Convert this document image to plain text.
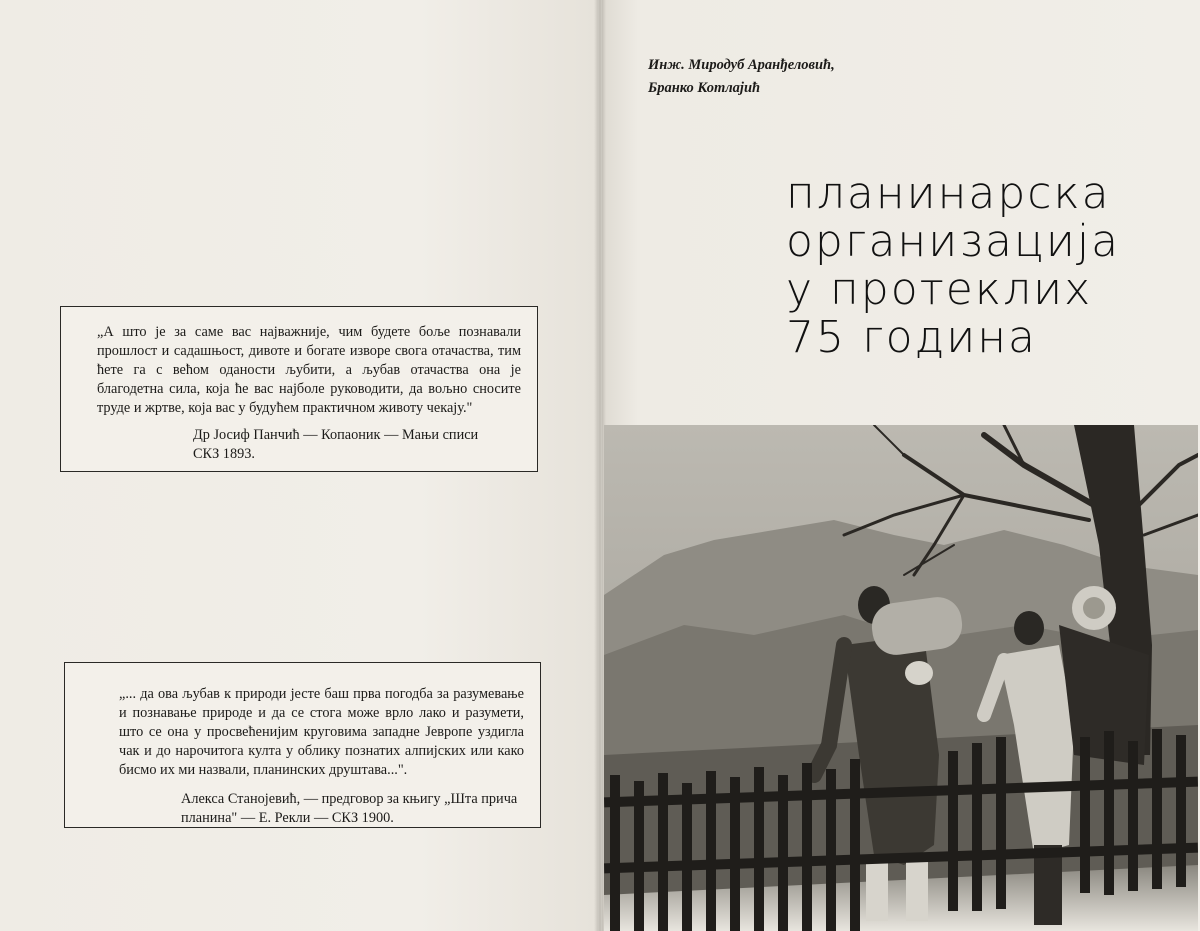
„А што је за саме вас најважније, чим будете боље познавали прошлост и садашњост, дивоте и богате изворе свога отачаства, тим ћете га с већом оданости љубити, а љубав отачаства она је благодетна сила, која ће вас најболе руководити, да вољно сносите труде и жртве, која вас у будућем практичном животу чекају."

Др Јосиф Панчић — Копаоник — Мањи списи
СКЗ 1893.

„... да ова љубав к природи јесте баш прва погодба за разумевање и познавање природе и да се стога може врло лако и разумети, што се она у просвећенијим круговима западне Јевропе уздигла чак и до нарочитога култа у облику познатих алпијских или како бисмо их ми назвали, планинских друштава...".

Алекса Станојевић, — предговор за књигу „Шта прича планина" — Е. Рекли — СКЗ 1900.
Инж. Миродуб Аранђеловић,
Бранко Котлајић
планинарска
организација
у протеклих
75 година
